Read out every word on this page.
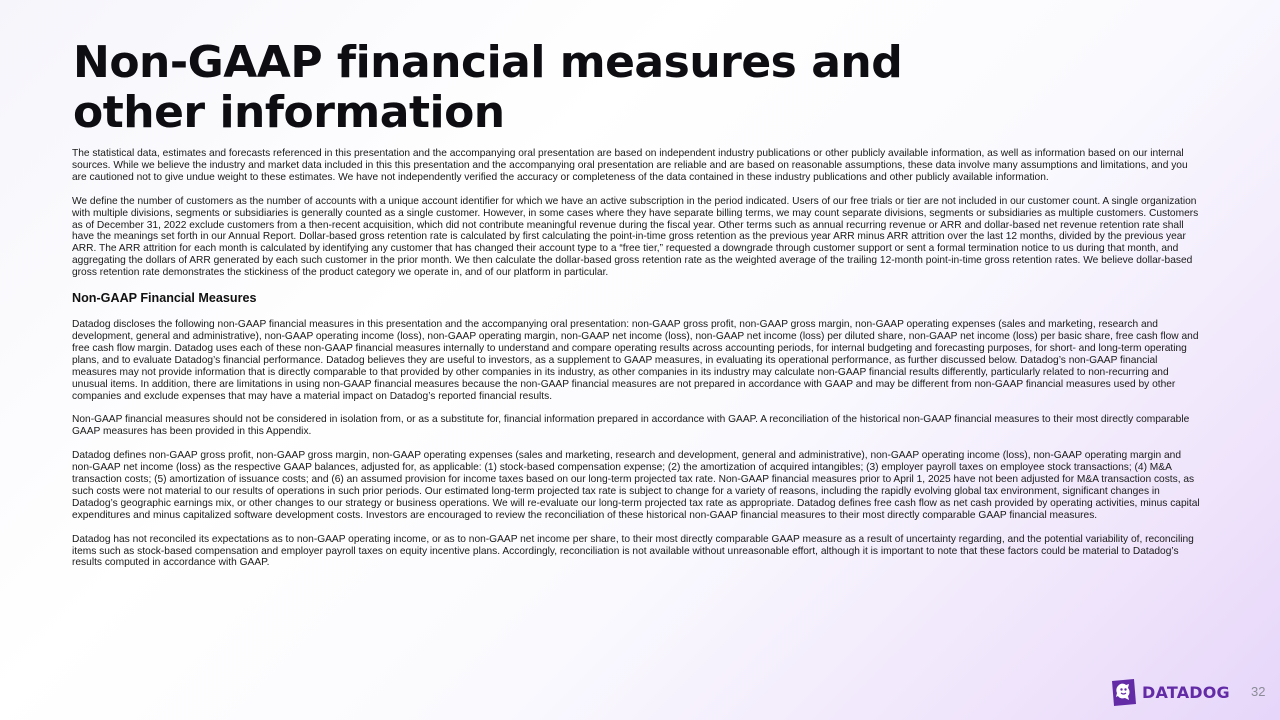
Non-GAAP financial measures and other information

The statistical data, estimates and forecasts referenced in this presentation and the accompanying oral presentation are based on independent industry publications or other publicly available information, as well as information based on our internal sources. While we believe the industry and market data included in this this presentation and the accompanying oral presentation are reliable and are based on reasonable assumptions, these data involve many assumptions and limitations, and you are cautioned not to give undue weight to these estimates. We have not independently verified the accuracy or completeness of the data contained in these industry publications and other publicly available information.

We define the number of customers as the number of accounts with a unique account identifier for which we have an active subscription in the period indicated. Users of our free trials or tier are not included in our customer count. A single organization with multiple divisions, segments or subsidiaries is generally counted as a single customer. However, in some cases where they have separate billing terms, we may count separate divisions, segments or subsidiaries as multiple customers. Customers as of December 31, 2022 exclude customers from a then-recent acquisition, which did not contribute meaningful revenue during the fiscal year. Other terms such as annual recurring revenue or ARR and dollar-based net revenue retention rate shall have the meanings set forth in our Annual Report. Dollar-based gross retention rate is calculated by first calculating the point-in-time gross retention as the previous year ARR minus ARR attrition over the last 12 months, divided by the previous year ARR. The ARR attrition for each month is calculated by identifying any customer that has changed their account type to a “free tier,” requested a downgrade through customer support or sent a formal termination notice to us during that month, and aggregating the dollars of ARR generated by each such customer in the prior month. We then calculate the dollar-based gross retention rate as the weighted average of the trailing 12-month point-in-time gross retention rates. We believe dollar-based gross retention rate demonstrates the stickiness of the product category we operate in, and of our platform in particular.

Non-GAAP Financial Measures

Datadog discloses the following non-GAAP financial measures in this presentation and the accompanying oral presentation: non-GAAP gross profit, non-GAAP gross margin, non-GAAP operating expenses (sales and marketing, research and development, general and administrative), non-GAAP operating income (loss), non-GAAP operating margin, non-GAAP net income (loss), non-GAAP net income (loss) per diluted share, non-GAAP net income (loss) per basic share, free cash flow and free cash flow margin. Datadog uses each of these non-GAAP financial measures internally to understand and compare operating results across accounting periods, for internal budgeting and forecasting purposes, for short- and long-term operating plans, and to evaluate Datadog’s financial performance. Datadog believes they are useful to investors, as a supplement to GAAP measures, in evaluating its operational performance, as further discussed below. Datadog’s non-GAAP financial measures may not provide information that is directly comparable to that provided by other companies in its industry, as other companies in its industry may calculate non-GAAP financial results differently, particularly related to non-recurring and unusual items. In addition, there are limitations in using non-GAAP financial measures because the non-GAAP financial measures are not prepared in accordance with GAAP and may be different from non-GAAP financial measures used by other companies and exclude expenses that may have a material impact on Datadog’s reported financial results.

Non-GAAP financial measures should not be considered in isolation from, or as a substitute for, financial information prepared in accordance with GAAP. A reconciliation of the historical non-GAAP financial measures to their most directly comparable GAAP measures has been provided in this Appendix.

Datadog defines non-GAAP gross profit, non-GAAP gross margin, non-GAAP operating expenses (sales and marketing, research and development, general and administrative), non-GAAP operating income (loss), non-GAAP operating margin and non-GAAP net income (loss) as the respective GAAP balances, adjusted for, as applicable: (1) stock-based compensation expense; (2) the amortization of acquired intangibles; (3) employer payroll taxes on employee stock transactions; (4) M&A transaction costs; (5) amortization of issuance costs; and (6) an assumed provision for income taxes based on our long-term projected tax rate. Non-GAAP financial measures prior to April 1, 2025 have not been adjusted for M&A transaction costs, as such costs were not material to our results of operations in such prior periods. Our estimated long-term projected tax rate is subject to change for a variety of reasons, including the rapidly evolving global tax environment, significant changes in Datadog’s geographic earnings mix, or other changes to our strategy or business operations. We will re-evaluate our long-term projected tax rate as appropriate. Datadog defines free cash flow as net cash provided by operating activities, minus capital expenditures and minus capitalized software development costs. Investors are encouraged to review the reconciliation of these historical non-GAAP financial measures to their most directly comparable GAAP financial measures.

Datadog has not reconciled its expectations as to non-GAAP operating income, or as to non-GAAP net income per share, to their most directly comparable GAAP measure as a result of uncertainty regarding, and the potential variability of, reconciling items such as stock-based compensation and employer payroll taxes on equity incentive plans. Accordingly, reconciliation is not available without unreasonable effort, although it is important to note that these factors could be material to Datadog’s results computed in accordance with GAAP.

DATADOG 32
